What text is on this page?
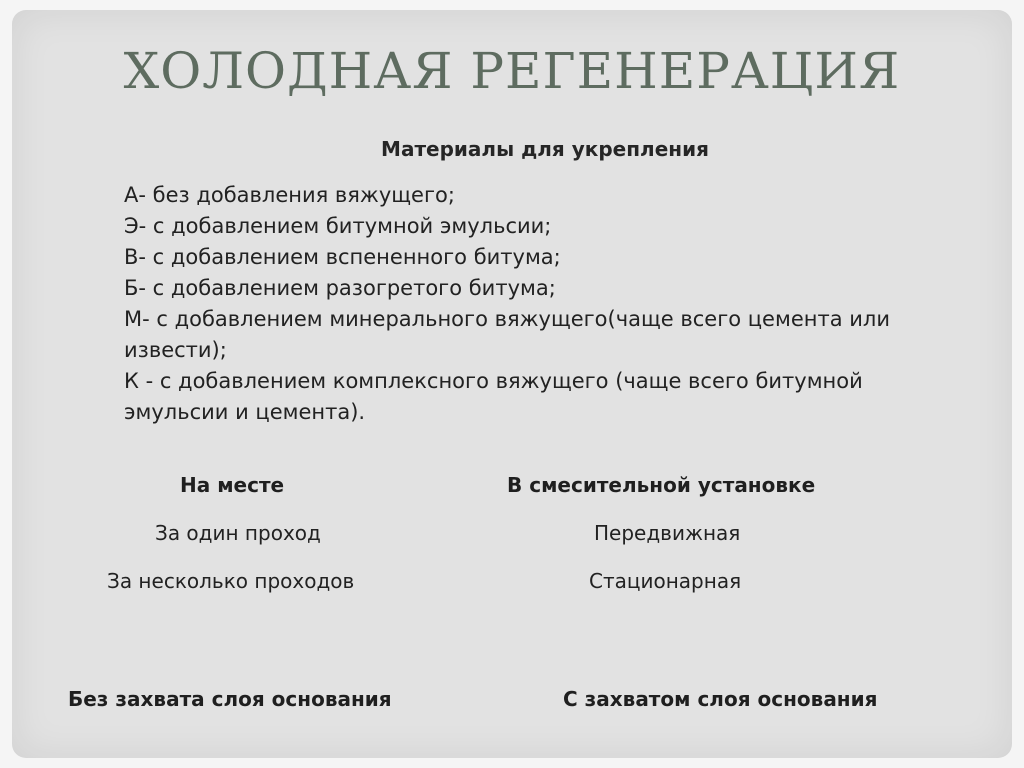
ХОЛОДНАЯ РЕГЕНЕРАЦИЯ
Материалы для укрепления
А- без добавления вяжущего;
Э- с добавлением битумной эмульсии;
В- с добавлением вспененного битума;
Б- с добавлением разогретого битума;
М- с добавлением минерального вяжущего(чаще всего цемента или извести);
К - с добавлением комплексного вяжущего (чаще всего битумной эмульсии и цемента).
На месте
За один проход
За несколько проходов
В смесительной установке
Передвижная
Стационарная
Без захвата слоя основания	С захватом слоя основания
